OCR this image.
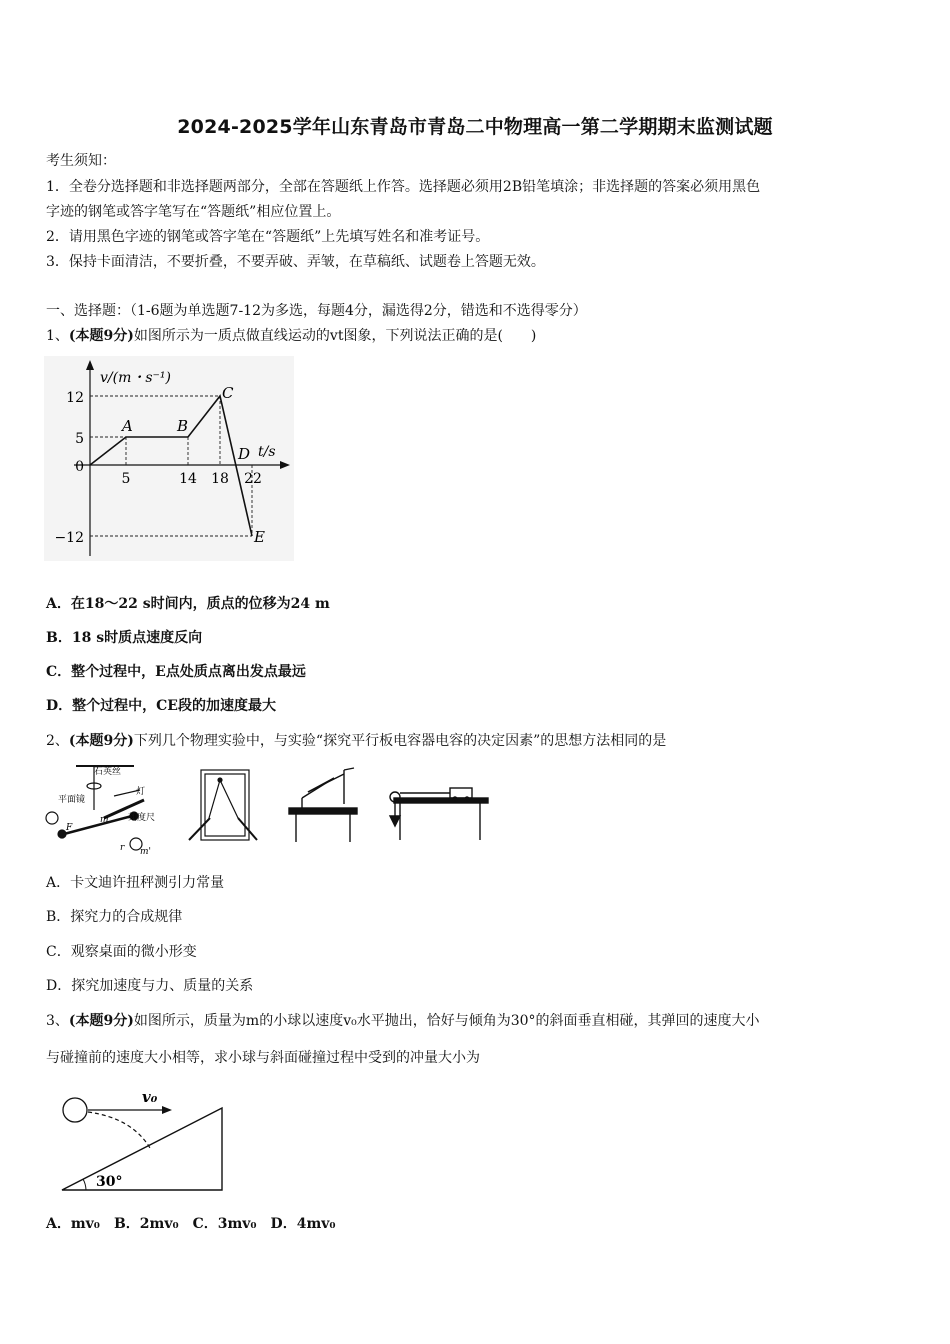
2024-2025学年山东青岛市青岛二中物理高一第二学期期末监测试题
考生须知：
1．全卷分选择题和非选择题两部分，全部在答题纸上作答。选择题必须用2B铅笔填涂；非选择题的答案必须用黑色
字迹的钢笔或答字笔写在“答题纸”相应位置上。
2．请用黑色字迹的钢笔或答字笔在“答题纸”上先填写姓名和准考证号。
3．保持卡面清洁，不要折叠，不要弄破、弄皱，在草稿纸、试题卷上答题无效。
一、选择题：（1-6题为单选题7-12为多选，每题4分，漏选得2分，错选和不选得零分）
1、(本题9分)如图所示为一质点做直线运动的vt图象，下列说法正确的是(　　)
v/(m・s⁻¹)
t/s
12
5
0
−12
5	14 18 22
A	B
C
D
E
A．在18～22 s时间内，质点的位移为24 m
B．18 s时质点速度反向
C．整个过程中，E点处质点离出发点最远
D．整个过程中，CE段的加速度最大
2、(本题9分)下列几个物理实验中，与实验“探究平行板电容器电容的决定因素”的思想方法相同的是
石英丝
灯
平面镜
刻度尺
m
F
r m'
A．卡文迪许扭秤测引力常量
B．探究力的合成规律
C．观察桌面的微小形变
D．探究加速度与力、质量的关系
3、(本题9分)如图所示，质量为m的小球以速度v₀水平抛出，恰好与倾角为30°的斜面垂直相碰，其弹回的速度大小
与碰撞前的速度大小相等，求小球与斜面碰撞过程中受到的冲量大小为
v₀
30°
A．mv₀　B．2mv₀　C．3mv₀　D．4mv₀
